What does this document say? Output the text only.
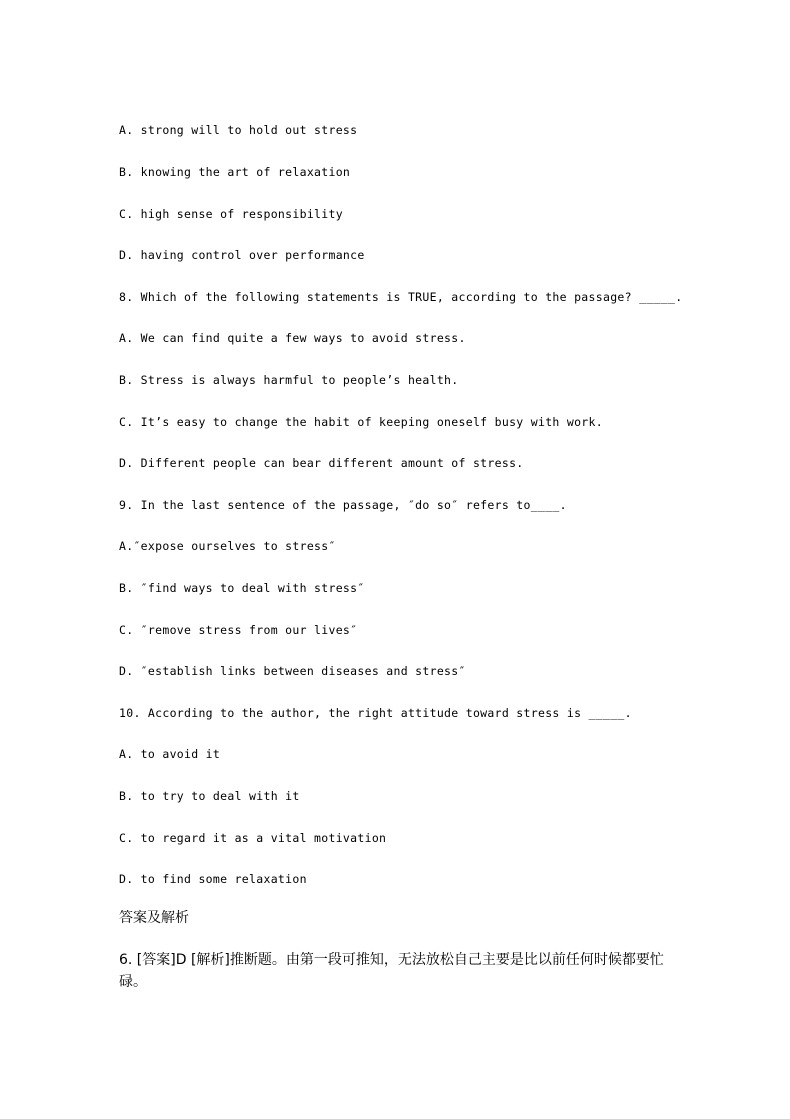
A. strong will to hold out stress
B. knowing the art of relaxation
C. high sense of responsibility
D. having control over performance
8. Which of the following statements is TRUE, according to the passage? _____.
A. We can find quite a few ways to avoid stress.
B. Stress is always harmful to people’s health.
C. It’s easy to change the habit of keeping oneself busy with work.
D. Different people can bear different amount of stress.
9. In the last sentence of the passage, ″do so″ refers to____.
A.″expose ourselves to stress″
B. ″find ways to deal with stress″
C. ″remove stress from our lives″
D. ″establish links between diseases and stress″
10. According to the author, the right attitude toward stress is _____.
A. to avoid it
B. to try to deal with it
C. to regard it as a vital motivation
D. to find some relaxation
答案及解析
6. [答案]D [解析]推断题。由第一段可推知，无法放松自己主要是比以前任何时候都要忙碌。
